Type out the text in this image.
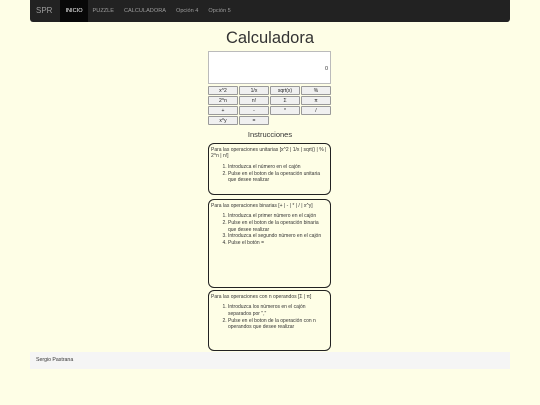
SPR	INICIO	PUZZLE	CALCULADORA	Opción 4	Opción 5
Calculadora
0
x^2	1/x	sqrt(x)	%
2^n	n!	Σ	π
+	-	*	/
x^y	=
Instrucciones

Para las operaciones unitarias [x^2 | 1/x | sqrt() | % | 2^n | n!]

1. Introduzca el número en el cajón
2. Pulse en el boton de la operación unitaria que desee realizar

Para las operaciones binarias [+ | - | * | / | x^y]

1. Introduzca el primer número en el cajón
2. Pulse en el boton de la operación binaria que desee realizar
3. Introduzca el segundo número en el cajón
4. Pulse el botón =

Para las operaciones con n operandos [Σ | π]

1. Introduzca los números en el cajón separados por ","
2. Pulse en el boton de la operación con n operandos que desee realizar
Sergio Pastrana
